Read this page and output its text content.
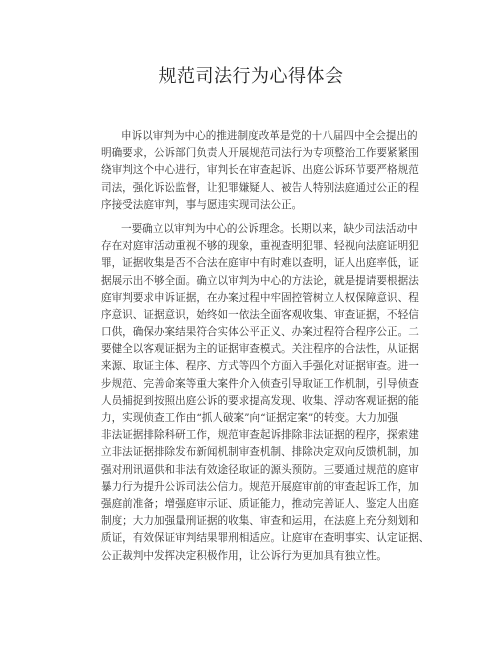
规范司法行为心得体会
申诉以审判为中心的推进制度改革是党的十八届四中全会提出的
明确要求，公诉部门负责人开展规范司法行为专项整治工作要紧紧围
绕审判这个中心进行，审判长在审查起诉、出庭公诉环节要严格规范
司法，强化诉讼监督，让犯罪嫌疑人、被告人特别法庭通过公正的程
序接受法庭审判，事与愿违实现司法公正。
一要确立以审判为中心的公诉理念。长期以来，缺少司法活动中
存在对庭审活动重视不够的现象，重视查明犯罪、轻视向法庭证明犯
罪，证据收集是否不合法在庭审中有时难以查明，证人出庭率低，证
据展示出不够全面。确立以审判为中心的方法论，就是提请要根据法
庭审判要求申诉证据，在办案过程中牢固控管树立人权保障意识、程
序意识、证据意识，始终如一依法全面客观收集、审查证据，不轻信
口供，确保办案结果符合实体公平正义、办案过程符合程序公正。二
要健全以客观证据为主的证据审查模式。关注程序的合法性，从证据
来源、取证主体、程序、方式等四个方面入手强化对证据审查。进一
步规范、完善命案等重大案件介入侦查引导取证工作机制，引导侦查
人员捕捉到按照出庭公诉的要求提高发现、收集、浮动客观证据的能
力，实现侦查工作由“抓人破案”向“证据定案”的转变。大力加强
非法证据排除科研工作，规范审查起诉排除非法证据的程序，探索建
立非法证据排除发布新闻机制审查机制、排除决定双向反馈机制，加
强对刑讯逼供和非法有效途径取证的源头预防。三要通过规范的庭审
暴力行为提升公诉司法公信力。规范开展庭审前的审查起诉工作，加
强庭前准备；增强庭审示证、质证能力，推动完善证人、鉴定人出庭
制度；大力加强量刑证据的收集、审查和运用，在法庭上充分刻划和
质证，有效保证审判结果罪刑相适应。让庭审在查明事实、认定证据、
公正裁判中发挥决定积极作用，让公诉行为更加具有独立性。
